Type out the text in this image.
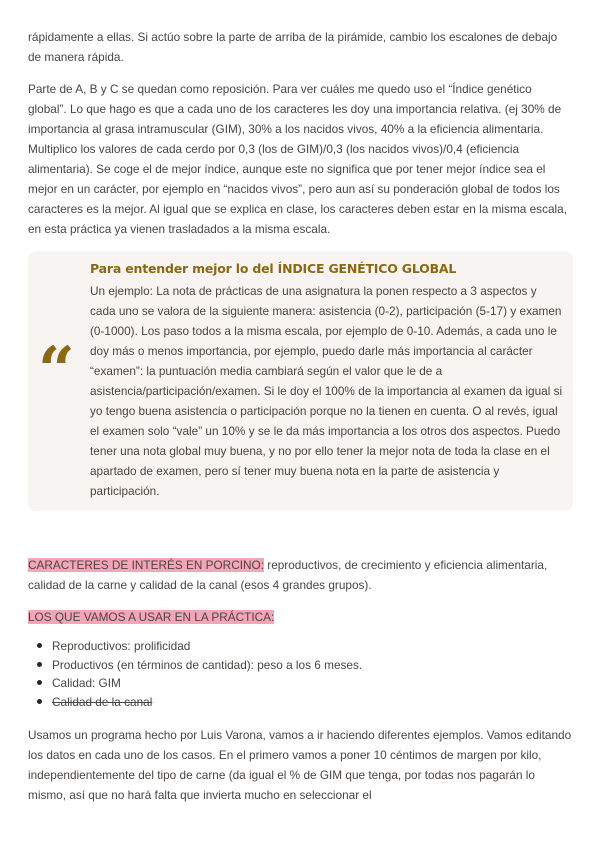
rápidamente a ellas. Si actúo sobre la parte de arriba de la pirámide, cambio los escalones de debajo de manera rápida.

Parte de A, B y C se quedan como reposición. Para ver cuáles me quedo uso el “Índice genético global”. Lo que hago es que a cada uno de los caracteres les doy una importancia relativa. (ej 30% de importancia al grasa intramuscular (GIM), 30% a los nacidos vivos, 40% a la eficiencia alimentaria. Multiplico los valores de cada cerdo por 0,3 (los de GIM)/0,3 (los nacidos vivos)/0,4 (eficiencia alimentaria). Se coge el de mejor índice, aunque este no significa que por tener mejor índice sea el mejor en un carácter, por ejemplo en “nacidos vivos”, pero aun así su ponderación global de todos los caracteres es la mejor. Al igual que se explica en clase, los caracteres deben estar en la misma escala, en esta práctica ya vienen trasladados a la misma escala.

“
Para entender mejor lo del ÍNDICE GENÉTICO GLOBAL
Un ejemplo: La nota de prácticas de una asignatura la ponen respecto a 3 aspectos y cada uno se valora de la siguiente manera: asistencia (0-2), participación (5-17) y examen (0-1000). Los paso todos a la misma escala, por ejemplo de 0-10. Además, a cada uno le doy más o menos importancia, por ejemplo, puedo darle más importancia al carácter “examen”: la puntuación media cambiará según el valor que le de a asistencia/participación/examen. Si le doy el 100% de la importancia al examen da igual si yo tengo buena asistencia o participación porque no la tienen en cuenta. O al revés, igual el examen solo “vale” un 10% y se le da más importancia a los otros dos aspectos. Puedo tener una nota global muy buena, y no por ello tener la mejor nota de toda la clase en el apartado de examen, pero sí tener muy buena nota en la parte de asistencia y participación.

CARACTERES DE INTERÉS EN PORCINO: reproductivos, de crecimiento y eficiencia alimentaria, calidad de la carne y calidad de la canal (esos 4 grandes grupos).

LOS QUE VAMOS A USAR EN LA PRÁCTICA:

Reproductivos: prolificidad
Productivos (en términos de cantidad): peso a los 6 meses.
Calidad: GIM
Calidad de la canal

Usamos un programa hecho por Luis Varona, vamos a ir haciendo diferentes ejemplos. Vamos editando los datos en cada uno de los casos. En el primero vamos a poner 10 céntimos de margen por kilo, independientemente del tipo de carne (da igual el % de GIM que tenga, por todas nos pagarán lo mismo, así que no hará falta que invierta mucho en seleccionar el
